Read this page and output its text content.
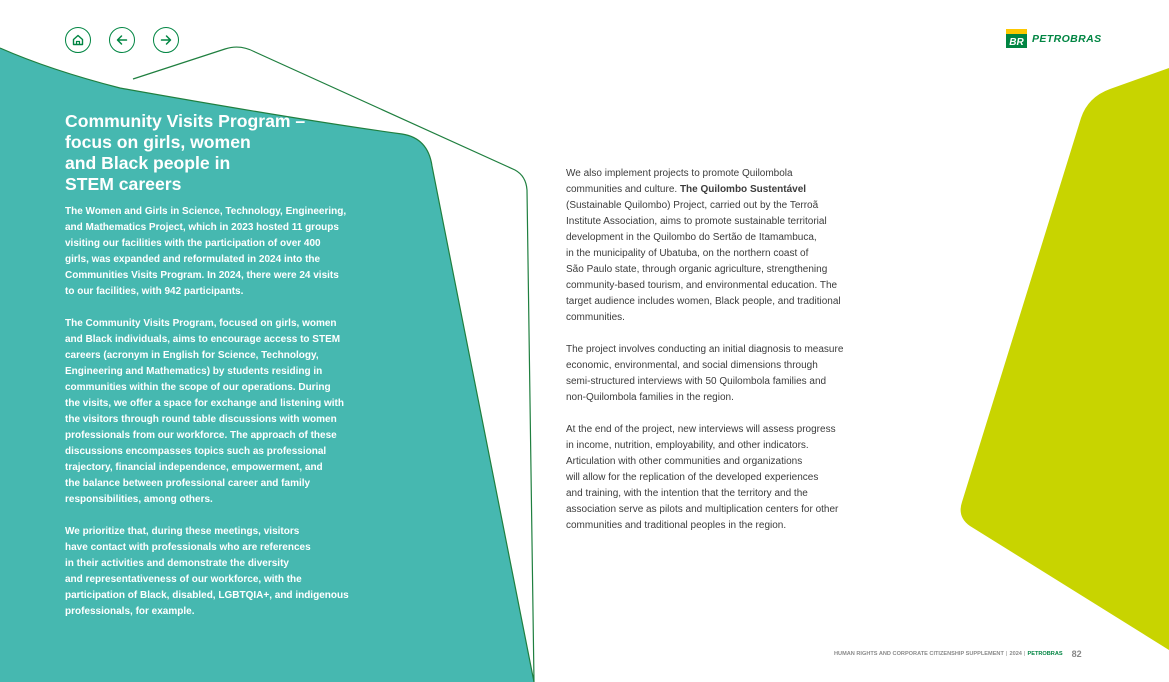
BR PETROBRAS
Community Visits Program –
focus on girls, women
and Black people in
STEM careers

The Women and Girls in Science, Technology, Engineering,
and Mathematics Project, which in 2023 hosted 11 groups
visiting our facilities with the participation of over 400
girls, was expanded and reformulated in 2024 into the
Communities Visits Program. In 2024, there were 24 visits
to our facilities, with 942 participants.

The Community Visits Program, focused on girls, women
and Black individuals, aims to encourage access to STEM
careers (acronym in English for Science, Technology,
Engineering and Mathematics) by students residing in
communities within the scope of our operations. During
the visits, we offer a space for exchange and listening with
the visitors through round table discussions with women
professionals from our workforce. The approach of these
discussions encompasses topics such as professional
trajectory, financial independence, empowerment, and
the balance between professional career and family
responsibilities, among others.

We prioritize that, during these meetings, visitors
have contact with professionals who are references
in their activities and demonstrate the diversity
and representativeness of our workforce, with the
participation of Black, disabled, LGBTQIA+, and indigenous
professionals, for example.

We also implement projects to promote Quilombola
communities and culture. The Quilombo Sustentável
(Sustainable Quilombo) Project, carried out by the Terroã
Institute Association, aims to promote sustainable territorial
development in the Quilombo do Sertão de Itamambuca,
in the municipality of Ubatuba, on the northern coast of
São Paulo state, through organic agriculture, strengthening
community-based tourism, and environmental education. The
target audience includes women, Black people, and traditional
communities.

The project involves conducting an initial diagnosis to measure
economic, environmental, and social dimensions through
semi-structured interviews with 50 Quilombola families and
non-Quilombola families in the region.

At the end of the project, new interviews will assess progress
in income, nutrition, employability, and other indicators.
Articulation with other communities and organizations
will allow for the replication of the developed experiences
and training, with the intention that the territory and the
association serve as pilots and multiplication centers for other
communities and traditional peoples in the region.

HUMAN RIGHTS AND CORPORATE CITIZENSHIP SUPPLEMENT | 2024 | PETROBRAS 82
